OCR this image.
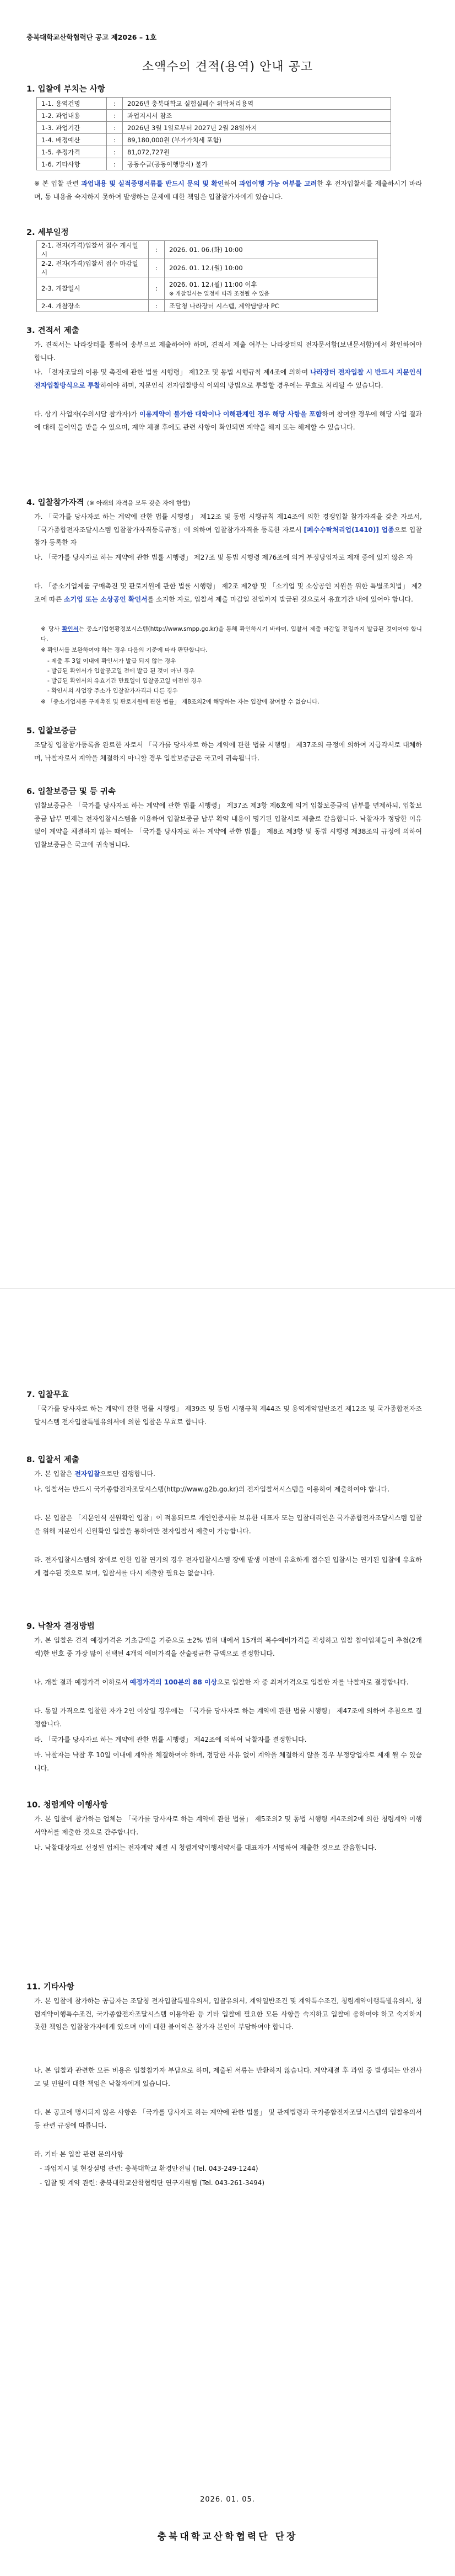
충북대학교산학협력단 공고 제2026 – 1호
소액수의 견적(용역) 안내 공고
1. 입찰에 부치는 사항
1-1. 용역건명	:	2026년 충북대학교 실험실폐수 위탁처리용역
1-2. 과업내용	:	과업지시서 참조
1-3. 과업기간	:	2026년 3월 1일로부터 2027년 2월 28일까지
1-4. 배정예산	:	89,180,000원 (부가가치세 포함)
1-5. 추정가격	:	81,072,727원
1-6. 기타사항	:	공동수급(공동이행방식) 불가
※ 본 입찰 관련 과업내용 및 실적증명서류를 반드시 문의 및 확인하여 과업이행 가능 여부를 고려한 후 전자입찰서를 제출하시기 바라며, 동 내용을 숙지하지 못하여 발생하는 문제에 대한 책임은 입찰참가자에게 있습니다.
2. 세부일정
2-1. 전자(가격)입찰서 접수 개시일시	:	2026. 01. 06.(화) 10:00
2-2. 전자(가격)입찰서 접수 마감일시	:	2026. 01. 12.(월) 10:00
2-3. 개찰일시	:	2026. 01. 12.(월) 11:00 이후
※ 개찰일시는 일정에 따라 조정될 수 있음

2-4. 개찰장소	:	조달청 나라장터 시스템, 계약담당자 PC
3. 견적서 제출
가. 견적서는 나라장터를 통하여 송부으로 제출하여야 하며, 견적서 제출 여부는 나라장터의 전자문서함(보낸문서함)에서 확인하여야 합니다.
나. 「전자조달의 이용 및 촉진에 관한 법률 시행령」 제12조 및 동법 시행규칙 제4조에 의하여 나라장터 전자입찰 시 반드시 지문인식 전자입찰방식으로 투찰하여야 하며, 지문인식 전자입찰방식 이외의 방법으로 투찰할 경우에는 무효로 처리될 수 있습니다.
다. 상기 사업자(수의시담 참가자)가 이용계약이 불가한 대학이나 이해관계인 경우 해당 사항을 포함하여 참여할 경우에 해당 사업 결과에 대해 불이익을 받을 수 있으며, 계약 체결 후에도 관련 사항이 확인되면 계약을 해지 또는 해제할 수 있습니다.
4. 입찰참가자격 (※ 아래의 자격을 모두 갖춘 자에 한함)
가. 「국가를 당사자로 하는 계약에 관한 법률 시행령」 제12조 및 동법 시행규칙 제14조에 의한 경쟁입찰 참가자격을 갖춘 자로서, 「국가종합전자조달시스템 입찰참가자격등록규정」에 의하여 입찰참가자격을 등록한 자로서 [폐수수탁처리업(1410)] 업종으로 입찰참가 등록한 자
나. 「국가를 당사자로 하는 계약에 관한 법률 시행령」 제27조 및 동법 시행령 제76조에 의거 부정당업자로 제재 중에 있지 않은 자
다. 「중소기업제품 구매촉진 및 판로지원에 관한 법률 시행령」 제2조 제2항 및 「소기업 및 소상공인 지원을 위한 특별조치법」 제2조에 따른 소기업 또는 소상공인 확인서를 소지한 자로, 입찰서 제출 마감일 전일까지 발급된 것으로서 유효기간 내에 있어야 합니다.
※ 당사 확인서는 중소기업현황정보시스템(http://www.smpp.go.kr)을 통해 확인하시기 바라며, 입찰서 제출 마감일 전일까지 발급된 것이어야 합니다.
※ 확인서를 보완하여야 하는 경우 다음의 기준에 따라 판단합니다.
- 제출 후 3일 이내에 확인서가 발급 되지 않는 경우
- 발급된 확인서가 입찰공고일 전에 발급 된 것이 아닌 경우
- 발급된 확인서의 유효기간 만료일이 입찰공고일 이전인 경우
- 확인서의 사업장 주소가 입찰참가자격과 다른 경우
※ 「중소기업제품 구매촉진 및 판로지원에 관한 법률」 제8조의2에 해당하는 자는 입찰에 참여할 수 없습니다.
5. 입찰보증금
조달청 입찰참가등록을 완료한 자로서 「국가를 당사자로 하는 계약에 관한 법률 시행령」 제37조의 규정에 의하여 지급각서로 대체하며, 낙찰자로서 계약을 체결하지 아니할 경우 입찰보증금은 국고에 귀속됩니다.
6. 입찰보증금 및 등 귀속
입찰보증금은 「국가를 당사자로 하는 계약에 관한 법률 시행령」 제37조 제3항 제6호에 의거 입찰보증금의 납부를 면제하되, 입찰보증금 납부 면제는 전자입찰시스템을 이용하여 입찰보증금 납부 확약 내용이 명기된 입찰서로 제출로 갈음합니다. 낙찰자가 정당한 이유 없이 계약을 체결하지 않는 때에는 「국가를 당사자로 하는 계약에 관한 법률」 제8조 제3항 및 동법 시행령 제38조의 규정에 의하여 입찰보증금은 국고에 귀속됩니다.
7. 입찰무효
「국가를 당사자로 하는 계약에 관한 법률 시행령」 제39조 및 동법 시행규칙 제44조 및 용역계약일반조건 제12조 및 국가종합전자조달시스템 전자입찰특별유의서에 의한 입찰은 무효로 합니다.
8. 입찰서 제출
가. 본 입찰은 전자입찰으로만 집행합니다.
나. 입찰서는 반드시 국가종합전자조달시스템(http://www.g2b.go.kr)의 전자입찰서시스템을 이용하여 제출하여야 합니다.
다. 본 입찰은 「지문인식 신원확인 입찰」이 적용되므로 개인인증서를 보유한 대표자 또는 입찰대리인은 국가종합전자조달시스템 입찰을 위해 지문인식 신원확인 입찰을 통하여만 전자입찰서 제출이 가능합니다.
라. 전자입찰시스템의 장애로 인한 입찰 연기의 경우 전자입찰시스템 장애 발생 이전에 유효하게 접수된 입찰서는 연기된 입찰에 유효하게 접수된 것으로 보며, 입찰서를 다시 제출할 필요는 없습니다.
9. 낙찰자 결정방법
가. 본 입찰은 견적 예정가격은 기초금액을 기준으로 ±2% 범위 내에서 15개의 복수예비가격을 작성하고 입찰 참여업체들이 추첨(2개씩)한 번호 중 가장 많이 선택된 4개의 예비가격을 산술평균한 금액으로 결정합니다.
나. 개찰 결과 예정가격 이하로서 예정가격의 100분의 88 이상으로 입찰한 자 중 최저가격으로 입찰한 자를 낙찰자로 결정합니다.
다. 동일 가격으로 입찰한 자가 2인 이상일 경우에는 「국가를 당사자로 하는 계약에 관한 법률 시행령」 제47조에 의하여 추첨으로 결정합니다.
라. 「국가를 당사자로 하는 계약에 관한 법률 시행령」 제42조에 의하여 낙찰자를 결정합니다.
마. 낙찰자는 낙찰 후 10일 이내에 계약을 체결하여야 하며, 정당한 사유 없이 계약을 체결하지 않을 경우 부정당업자로 제재 될 수 있습니다.
10. 청렴계약 이행사항
가. 본 입찰에 참가하는 업체는 「국가를 당사자로 하는 계약에 관한 법률」 제5조의2 및 동법 시행령 제4조의2에 의한 청렴계약 이행서약서를 제출한 것으로 간주합니다.
나. 낙찰대상자로 선정된 업체는 전자계약 체결 시 청렴계약이행서약서를 대표자가 서명하여 제출한 것으로 갈음합니다.
11. 기타사항
가. 본 입찰에 참가하는 공급자는 조달청 전자입찰특별유의서, 입찰유의서, 계약일반조건 및 계약특수조건, 청렴계약이행특별유의서, 청렴계약이행특수조건, 국가종합전자조달시스템 이용약관 등 기타 입찰에 필요한 모든 사항을 숙지하고 입찰에 응하여야 하고 숙지하지 못한 책임은 입찰참가자에게 있으며 이에 대한 불이익은 참가자 본인이 부담하여야 합니다.
나. 본 입찰과 관련한 모든 비용은 입찰참가자 부담으로 하며, 제출된 서류는 반환하지 않습니다. 계약체결 후 과업 중 발생되는 안전사고 및 민원에 대한 책임은 낙찰자에게 있습니다.
다. 본 공고에 명시되지 않은 사항은 「국가를 당사자로 하는 계약에 관한 법률」 및 관계법령과 국가종합전자조달시스템의 입찰유의서 등 관련 규정에 따릅니다.
라. 기타 본 입찰 관련 문의사항
- 과업지시 및 현장설명 관련: 충북대학교 환경안전팀 (Tel. 043-249-1244)
- 입찰 및 계약 관련: 충북대학교산학협력단 연구지원팀 (Tel. 043-261-3494)
2026. 01. 05.
충북대학교산학협력단 단장
